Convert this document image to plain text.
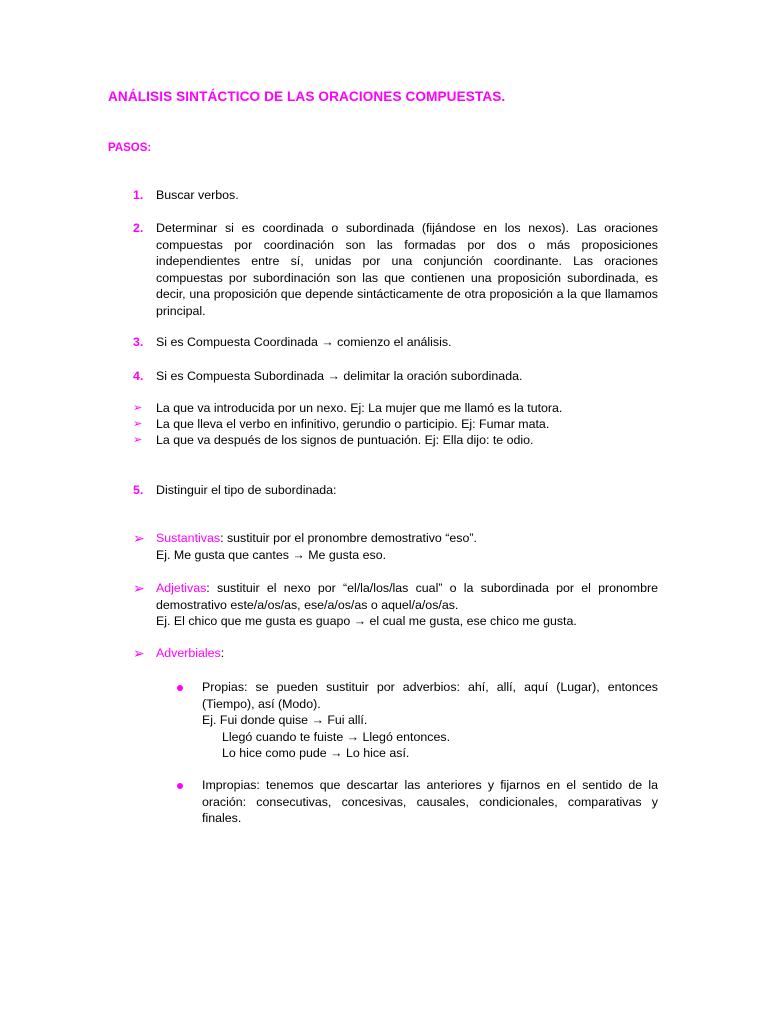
ANÁLISIS SINTÁCTICO DE LAS ORACIONES COMPUESTAS.
PASOS:
1. Buscar verbos.
2. Determinar si es coordinada o subordinada (fijándose en los nexos). Las oraciones compuestas por coordinación son las formadas por dos o más proposiciones independientes entre sí, unidas por una conjunción coordinante. Las oraciones compuestas por subordinación son las que contienen una proposición subordinada, es decir, una proposición que depende sintácticamente de otra proposición a la que llamamos principal.
3. Si es Compuesta Coordinada → comienzo el análisis.
4. Si es Compuesta Subordinada → delimitar la oración subordinada.
➢ La que va introducida por un nexo. Ej: La mujer que me llamó es la tutora.
➢ La que lleva el verbo en infinitivo, gerundio o participio. Ej: Fumar mata.
➢ La que va después de los signos de puntuación. Ej: Ella dijo: te odio.
5. Distinguir el tipo de subordinada:
➢ Sustantivas: sustituir por el pronombre demostrativo “eso”.
Ej. Me gusta que cantes → Me gusta eso.
➢ Adjetivas: sustituir el nexo por “el/la/los/las cual” o la subordinada por el pronombre demostrativo este/a/os/as, ese/a/os/as o aquel/a/os/as.
Ej. El chico que me gusta es guapo → el cual me gusta, ese chico me gusta.
➢ Adverbiales:
Propias: se pueden sustituir por adverbios: ahí, allí, aquí (Lugar), entonces (Tiempo), así (Modo).
Ej. Fui donde quise → Fui allí.
Llegó cuando te fuiste → Llegó entonces.
Lo hice como pude → Lo hice así.
Impropias: tenemos que descartar las anteriores y fijarnos en el sentido de la oración: consecutivas, concesivas, causales, condicionales, comparativas y finales.
